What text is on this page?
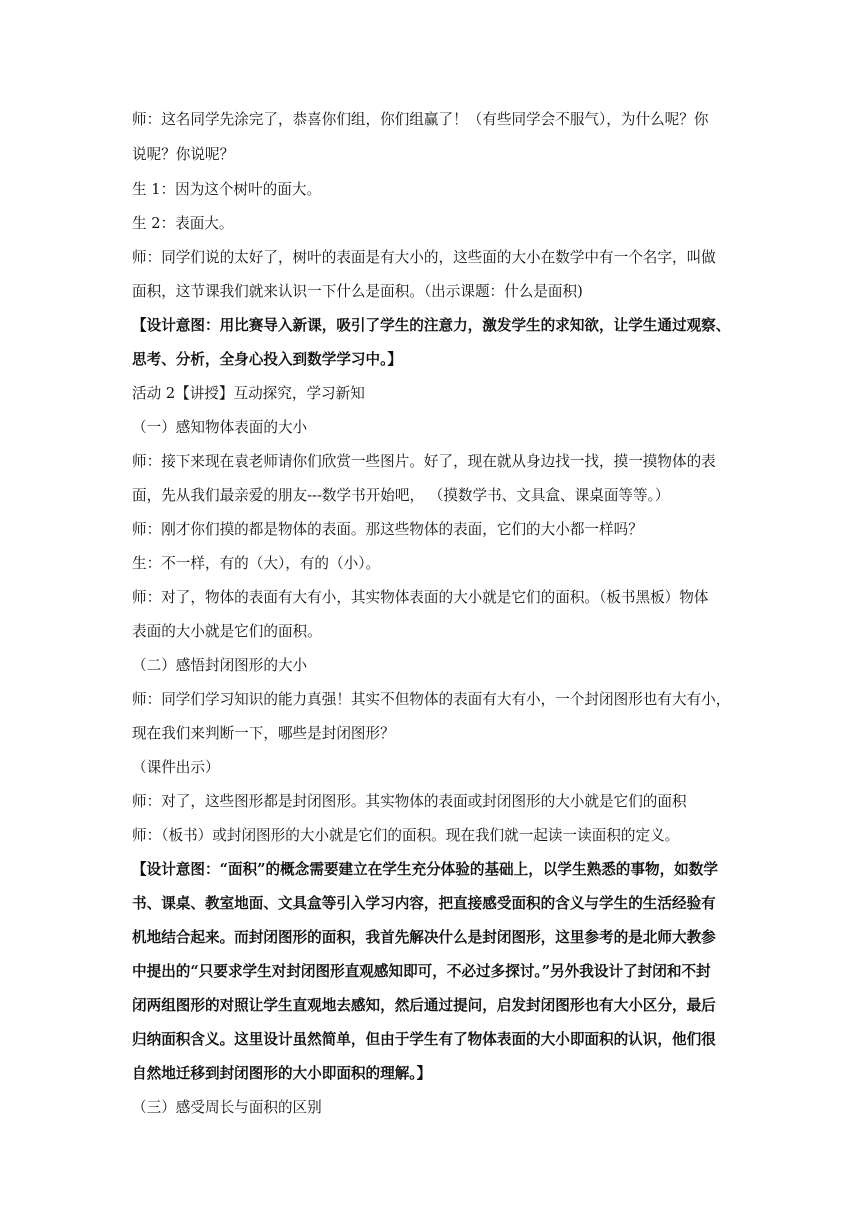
师：这名同学先涂完了，恭喜你们组，你们组赢了！（有些同学会不服气），为什么呢？你
说呢？你说呢？
生 1：因为这个树叶的面大。
生 2：表面大。
师：同学们说的太好了，树叶的表面是有大小的，这些面的大小在数学中有一个名字，叫做
面积，这节课我们就来认识一下什么是面积。（出示课题：什么是面积)
【设计意图：用比赛导入新课，吸引了学生的注意力，激发学生的求知欲，让学生通过观察、
思考、分析，全身心投入到数学学习中。】
活动 2【讲授】互动探究，学习新知
（一）感知物体表面的大小
师：接下来现在袁老师请你们欣赏一些图片。好了，现在就从身边找一找，摸一摸物体的表
面，先从我们最亲爱的朋友---数学书开始吧， （摸数学书、文具盒、课桌面等等。）
师：刚才你们摸的都是物体的表面。那这些物体的表面，它们的大小都一样吗？
生：不一样，有的（大），有的（小）。
师：对了，物体的表面有大有小，其实物体表面的大小就是它们的面积。（板书黑板）物体
表面的大小就是它们的面积。
（二）感悟封闭图形的大小
师：同学们学习知识的能力真强！其实不但物体的表面有大有小，一个封闭图形也有大有小，
现在我们来判断一下，哪些是封闭图形？
（课件出示）
师：对了，这些图形都是封闭图形。其实物体的表面或封闭图形的大小就是它们的面积
师：（板书）或封闭图形的大小就是它们的面积。现在我们就一起读一读面积的定义。
【设计意图：“面积”的概念需要建立在学生充分体验的基础上，以学生熟悉的事物，如数学
书、课桌、教室地面、文具盒等引入学习内容，把直接感受面积的含义与学生的生活经验有
机地结合起来。而封闭图形的面积，我首先解决什么是封闭图形，这里参考的是北师大教参
中提出的“只要求学生对封闭图形直观感知即可，不必过多探讨。”另外我设计了封闭和不封
闭两组图形的对照让学生直观地去感知，然后通过提问，启发封闭图形也有大小区分，最后
归纳面积含义。这里设计虽然简单，但由于学生有了物体表面的大小即面积的认识，他们很
自然地迁移到封闭图形的大小即面积的理解。】
（三）感受周长与面积的区别
